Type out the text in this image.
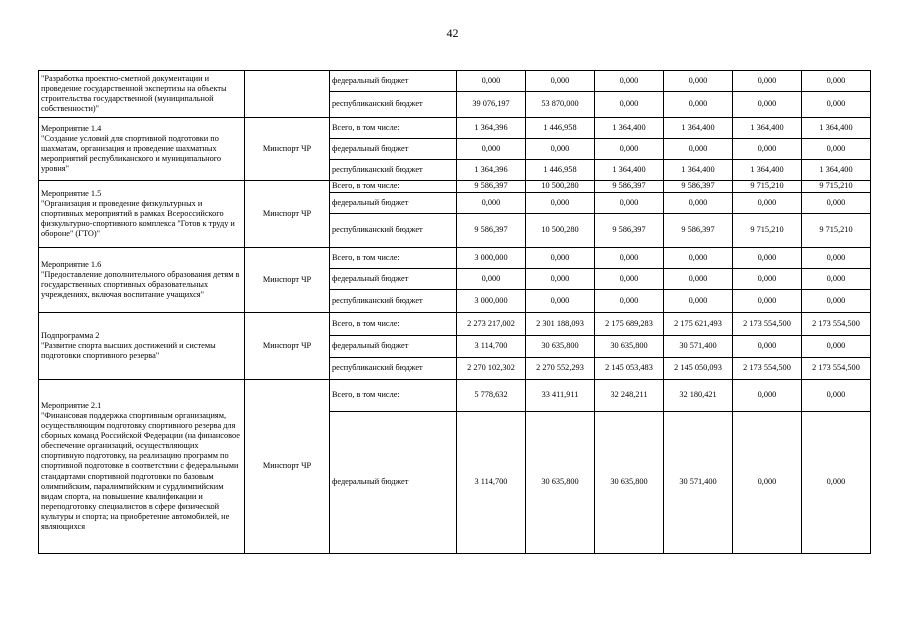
42
"Разработка проектно-сметной документации и проведение государственной экспертизы на объекты строительства государственной (муниципальной собственности)"		федеральный бюджет	0,000	0,000	0,000	0,000	0,000	0,000
		республиканский бюджет	39 076,197	53 870,000	0,000	0,000	0,000	0,000

Мероприятие 1.4
"Создание условий для спортивной подготовки по шахматам, организация и проведение шахматных мероприятий республиканского и муниципального уровня"	Минспорт ЧР	Всего, в том числе:	1 364,396	1 446,958	1 364,400	1 364,400	1 364,400	1 364,400
		федеральный бюджет	0,000	0,000	0,000	0,000	0,000	0,000
		республиканский бюджет	1 364,396	1 446,958	1 364,400	1 364,400	1 364,400	1 364,400

Мероприятие 1.5
"Организация и проведение физкультурных и спортивных мероприятий в рамках Всероссийского физкультурно-спортивного комплекса "Готов к труду и обороне" (ГТО)"	Минспорт ЧР	Всего, в том числе:	9 586,397	10 500,280	9 586,397	9 586,397	9 715,210	9 715,210
		федеральный бюджет	0,000	0,000	0,000	0,000	0,000	0,000
		республиканский бюджет	9 586,397	10 500,280	9 586,397	9 586,397	9 715,210	9 715,210

Мероприятие 1.6
"Предоставление дополнительного образования детям в государственных спортивных образовательных учреждениях, включая воспитание учащихся"	Минспорт ЧР	Всего, в том числе:	3 000,000	0,000	0,000	0,000	0,000	0,000
		федеральный бюджет	0,000	0,000	0,000	0,000	0,000	0,000
		республиканский бюджет	3 000,000	0,000	0,000	0,000	0,000	0,000

Подпрограмма 2
"Развитие спорта высших достижений и системы подготовки спортивного резерва"	Минспорт ЧР	Всего, в том числе:	2 273 217,002	2 301 188,093	2 175 689,283	2 175 621,493	2 173 554,500	2 173 554,500
		федеральный бюджет	3 114,700	30 635,800	30 635,800	30 571,400	0,000	0,000
		республиканский бюджет	2 270 102,302	2 270 552,293	2 145 053,483	2 145 050,093	2 173 554,500	2 173 554,500

Мероприятие 2.1
"Финансовая поддержка спортивным организациям, осуществляющим подготовку спортивного резерва для сборных команд Российской Федерации (на финансовое обеспечение организаций, осуществляющих спортивную подготовку, на реализацию программ по спортивной подготовке в соответствии с федеральными стандартами спортивной подготовки по базовым олимпийским, паралимпийским и сурдлимпийским видам спорта, на повышение квалификации и переподготовку специалистов в сфере физической культуры и спорта; на приобретение автомобилей, не являющихся	Минспорт ЧР	Всего, в том числе:	5 778,632	33 411,911	32 248,211	32 180,421	0,000	0,000
		федеральный бюджет	3 114,700	30 635,800	30 635,800	30 571,400	0,000	0,000
